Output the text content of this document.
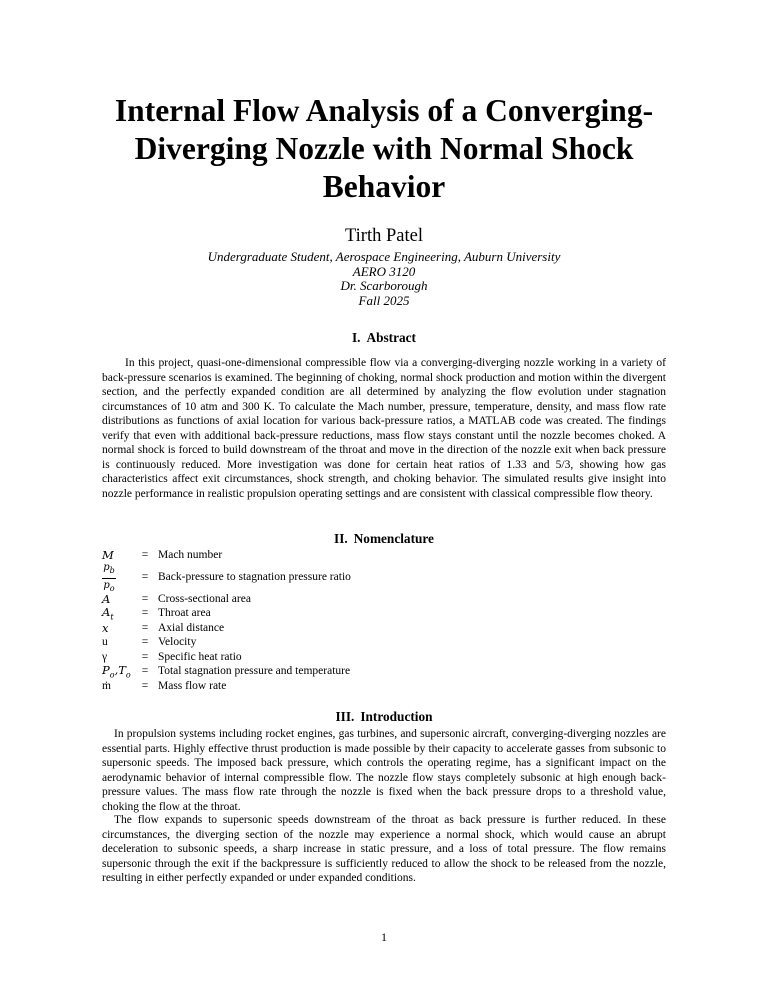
Internal Flow Analysis of a Converging-Diverging Nozzle with Normal Shock Behavior
Tirth Patel
Undergraduate Student, Aerospace Engineering, Auburn University
AERO 3120
Dr. Scarborough
Fall 2025
I. Abstract

In this project, quasi-one-dimensional compressible flow via a converging-diverging nozzle working in a variety of back-pressure scenarios is examined. The beginning of choking, normal shock production and motion within the divergent section, and the perfectly expanded condition are all determined by analyzing the flow evolution under stagnation circumstances of 10 atm and 300 K. To calculate the Mach number, pressure, temperature, density, and mass flow rate distributions as functions of axial location for various back-pressure ratios, a MATLAB code was created. The findings verify that even with additional back-pressure reductions, mass flow stays constant until the nozzle becomes choked. A normal shock is forced to build downstream of the throat and move in the direction of the nozzle exit when back pressure is continuously reduced. More investigation was done for certain heat ratios of 1.33 and 5/3, showing how gas characteristics affect exit circumstances, shock strength, and choking behavior. The simulated results give insight into nozzle performance in realistic propulsion operating settings and are consistent with classical compressible flow theory.

II. Nomenclature
M	= Mach number
$\frac{p_b}{p_o}$	= Back-pressure to stagnation pressure ratio
A	= Cross-sectional area
$A_t$	= Throat area
x	= Axial distance
u	= Velocity
γ	= Specific heat ratio
$P_o,T_o$ = Total stagnation pressure and temperature
ṁ	= Mass flow rate
III. Introduction

In propulsion systems including rocket engines, gas turbines, and supersonic aircraft, converging-diverging nozzles are essential parts. Highly effective thrust production is made possible by their capacity to accelerate gasses from subsonic to supersonic speeds. The imposed back pressure, which controls the operating regime, has a significant impact on the aerodynamic behavior of internal compressible flow. The nozzle flow stays completely subsonic at high enough back-pressure values. The mass flow rate through the nozzle is fixed when the back pressure drops to a threshold value, choking the flow at the throat.

The flow expands to supersonic speeds downstream of the throat as back pressure is further reduced. In these circumstances, the diverging section of the nozzle may experience a normal shock, which would cause an abrupt deceleration to subsonic speeds, a sharp increase in static pressure, and a loss of total pressure. The flow remains supersonic through the exit if the backpressure is sufficiently reduced to allow the shock to be released from the nozzle, resulting in either perfectly expanded or under expanded conditions.

1
